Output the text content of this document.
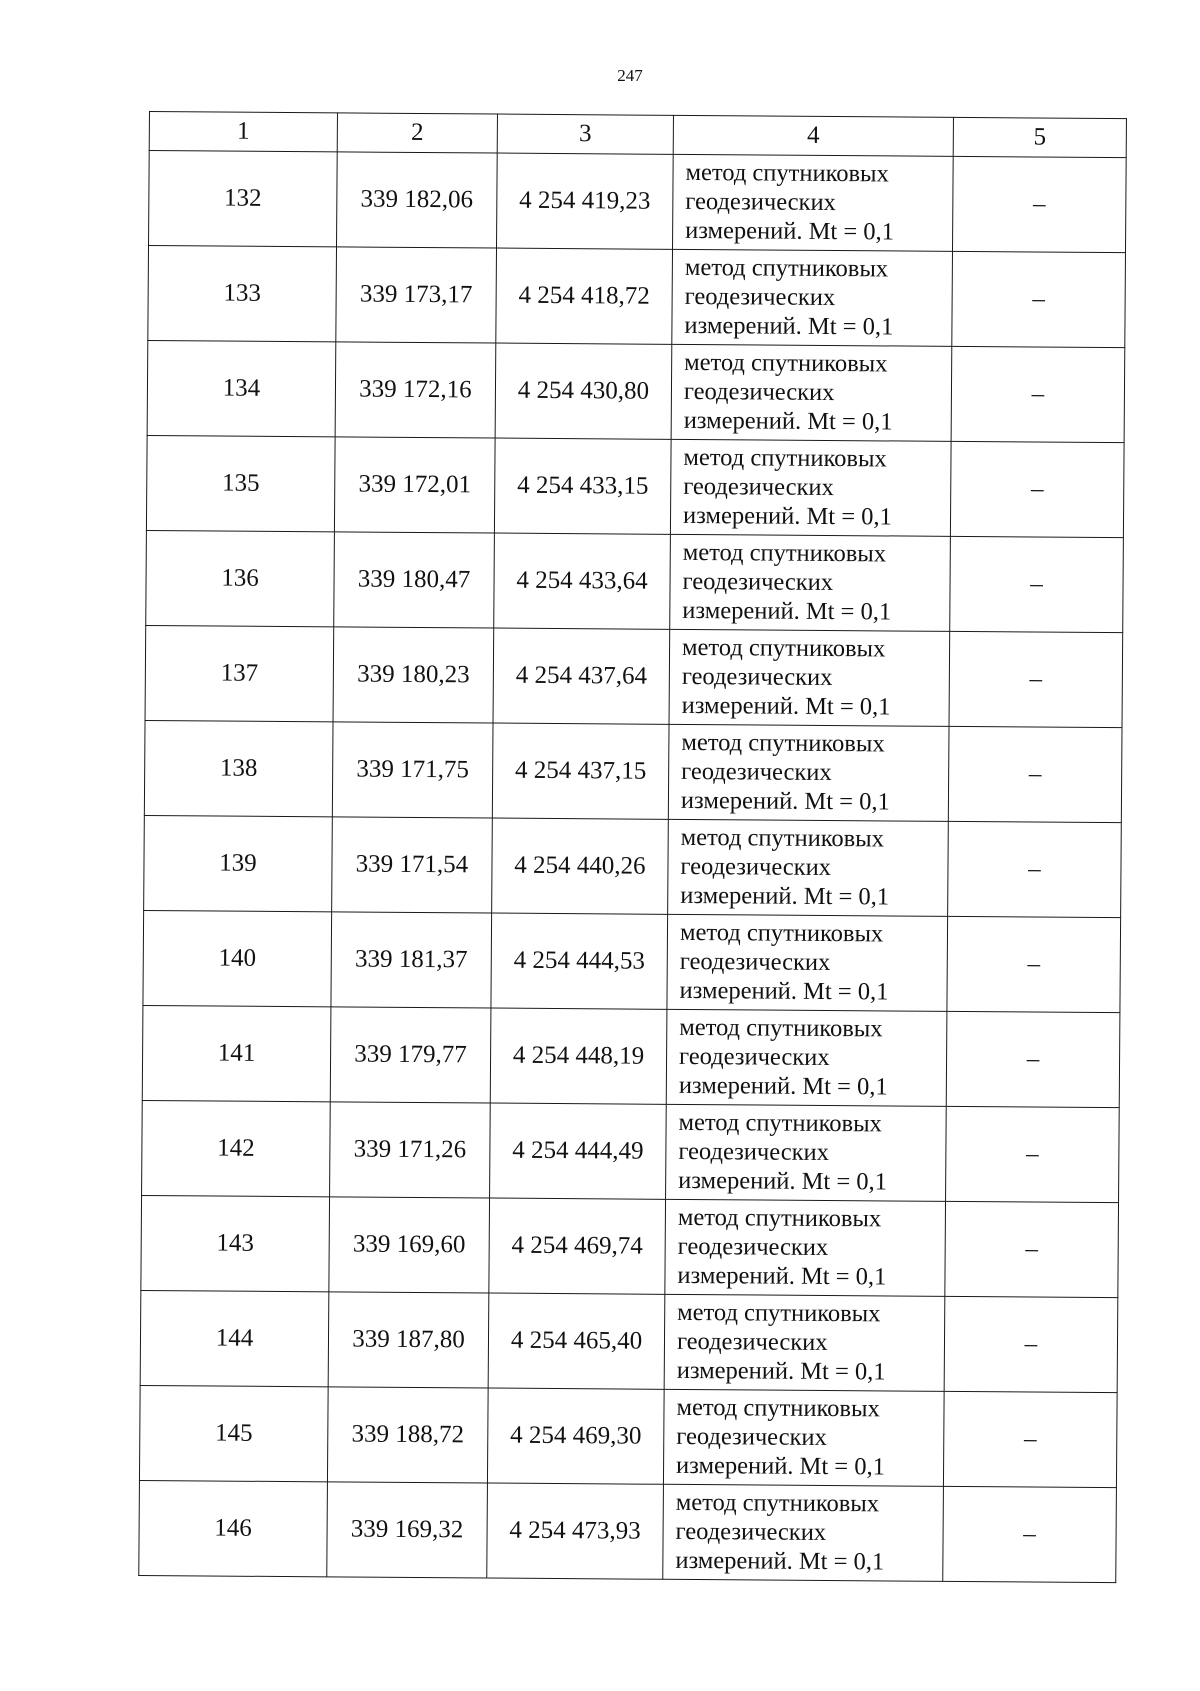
247
1	2	3	4	5
132	339 182,06	4 254 419,23	метод спутниковых
геодезических
измерений. Mt = 0,1	–
133	339 173,17	4 254 418,72	метод спутниковых
геодезических
измерений. Mt = 0,1	–
134	339 172,16	4 254 430,80	метод спутниковых
геодезических
измерений. Mt = 0,1	–
135	339 172,01	4 254 433,15	метод спутниковых
геодезических
измерений. Mt = 0,1	–
136	339 180,47	4 254 433,64	метод спутниковых
геодезических
измерений. Mt = 0,1	–
137	339 180,23	4 254 437,64	метод спутниковых
геодезических
измерений. Mt = 0,1	–
138	339 171,75	4 254 437,15	метод спутниковых
геодезических
измерений. Mt = 0,1	–
139	339 171,54	4 254 440,26	метод спутниковых
геодезических
измерений. Mt = 0,1	–
140	339 181,37	4 254 444,53	метод спутниковых
геодезических
измерений. Mt = 0,1	–
141	339 179,77	4 254 448,19	метод спутниковых
геодезических
измерений. Mt = 0,1	–
142	339 171,26	4 254 444,49	метод спутниковых
геодезических
измерений. Mt = 0,1	–
143	339 169,60	4 254 469,74	метод спутниковых
геодезических
измерений. Mt = 0,1	–
144	339 187,80	4 254 465,40	метод спутниковых
геодезических
измерений. Mt = 0,1	–
145	339 188,72	4 254 469,30	метод спутниковых
геодезических
измерений. Mt = 0,1	–
146	339 169,32	4 254 473,93	метод спутниковых
геодезических
измерений. Mt = 0,1	–
